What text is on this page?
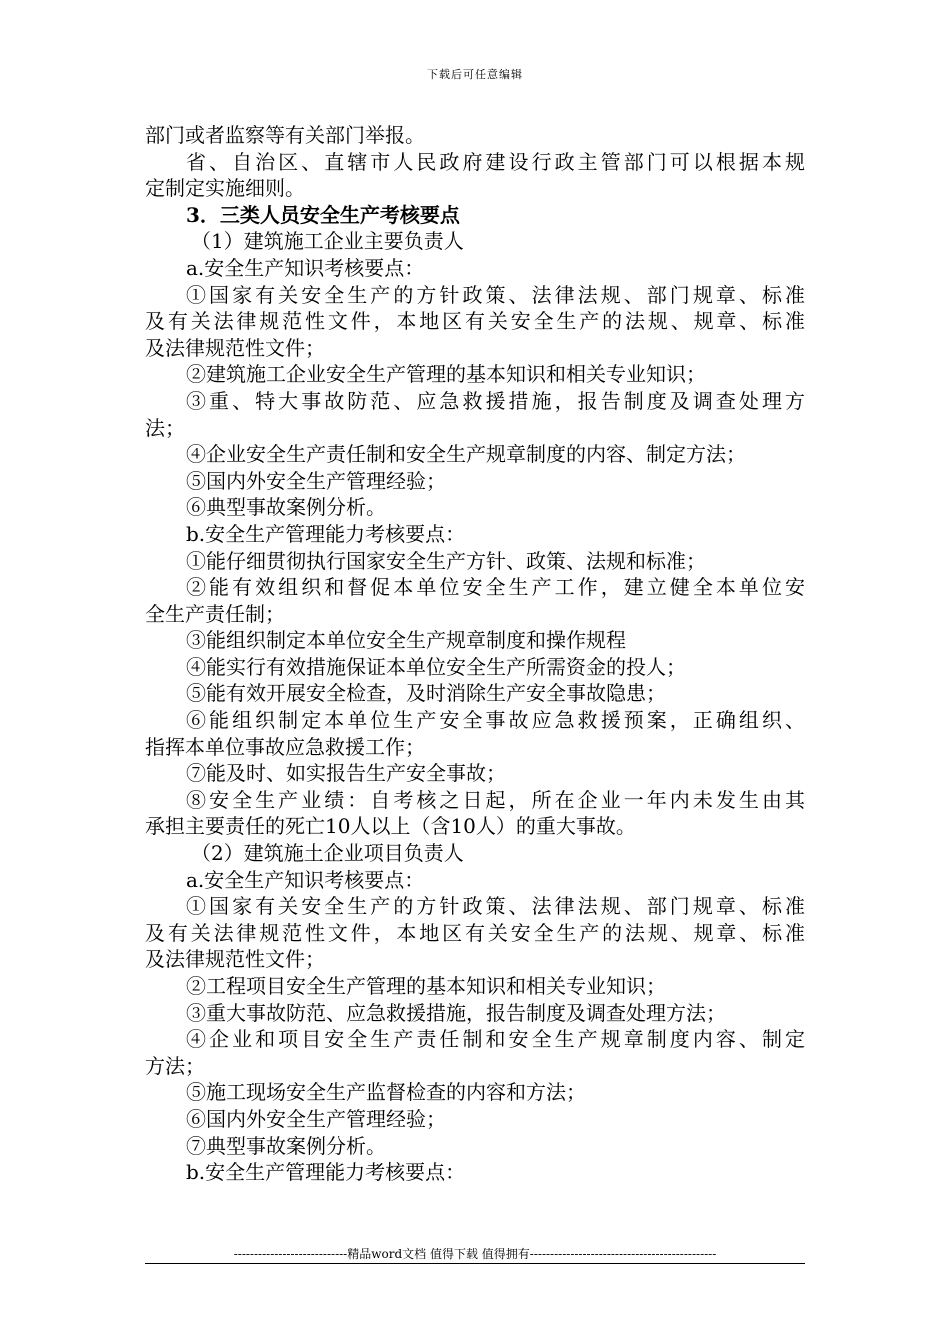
下载后可任意编辑
部门或者监察等有关部门举报。
省、自治区、直辖市人民政府建设行政主管部门可以根据本规
定制定实施细则。
3．三类人员安全生产考核要点
（1）建筑施工企业主要负责人
a.安全生产知识考核要点：
①国家有关安全生产的方针政策、法律法规、部门规章、标准
及有关法律规范性文件，本地区有关安全生产的法规、规章、标准
及法律规范性文件；
②建筑施工企业安全生产管理的基本知识和相关专业知识；
③重、特大事故防范、应急救援措施，报告制度及调查处理方
法；
④企业安全生产责任制和安全生产规章制度的内容、制定方法；
⑤国内外安全生产管理经验；
⑥典型事故案例分析。
b.安全生产管理能力考核要点：
①能仔细贯彻执行国家安全生产方针、政策、法规和标准；
②能有效组织和督促本单位安全生产工作，建立健全本单位安
全生产责任制；
③能组织制定本单位安全生产规章制度和操作规程
④能实行有效措施保证本单位安全生产所需资金的投人；
⑤能有效开展安全检查，及时消除生产安全事故隐患；
⑥能组织制定本单位生产安全事故应急救援预案，正确组织、
指挥本单位事故应急救援工作；
⑦能及时、如实报告生产安全事故；
⑧安全生产业绩：自考核之日起，所在企业一年内未发生由其
承担主要责任的死亡10人以上（含10人）的重大事故。
（2）建筑施土企业项目负责人
a.安全生产知识考核要点：
①国家有关安全生产的方针政策、法律法规、部门规章、标准
及有关法律规范性文件，本地区有关安全生产的法规、规章、标准
及法律规范性文件；
②工程项目安全生产管理的基本知识和相关专业知识；
③重大事故防范、应急救援措施，报告制度及调查处理方法；
④企业和项目安全生产责任制和安全生产规章制度内容、制定
方法；
⑤施工现场安全生产监督检查的内容和方法；
⑥国内外安全生产管理经验；
⑦典型事故案例分析。
b.安全生产管理能力考核要点：
----------------------------精品word文档 值得下载 值得拥有----------------------------------------------
